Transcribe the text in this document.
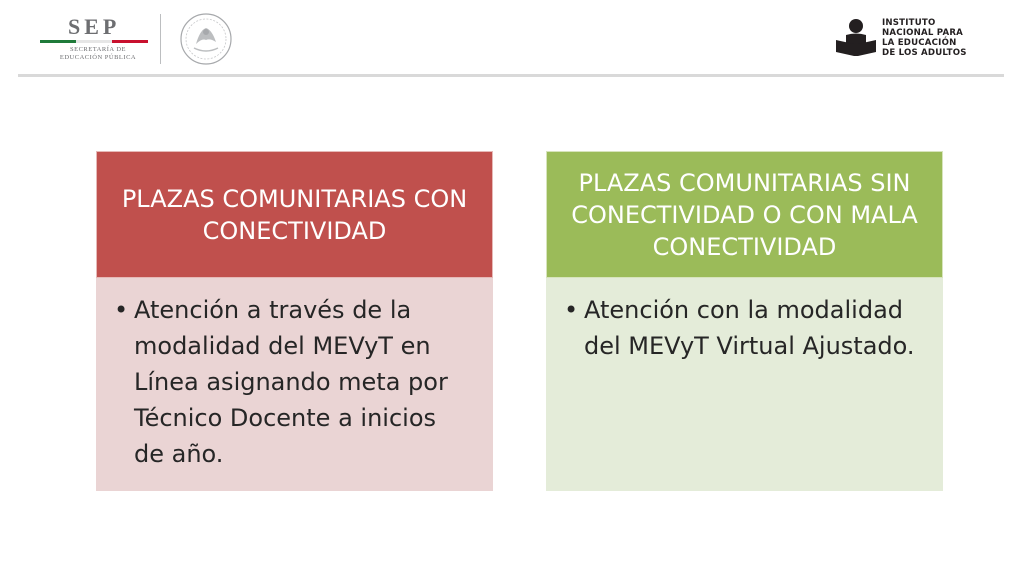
SEP
SECRETARÍA DE
EDUCACIÓN PÚBLICA
INSTITUTO
NACIONAL PARA
LA EDUCACIÓN
DE LOS ADULTOS
PLAZAS COMUNITARIAS CON CONECTIVIDAD
• Atención a través de la modalidad del MEVyT en Línea asignando meta por Técnico Docente a inicios de año.
PLAZAS COMUNITARIAS SIN CONECTIVIDAD O CON MALA CONECTIVIDAD
• Atención con la modalidad del MEVyT Virtual Ajustado.
